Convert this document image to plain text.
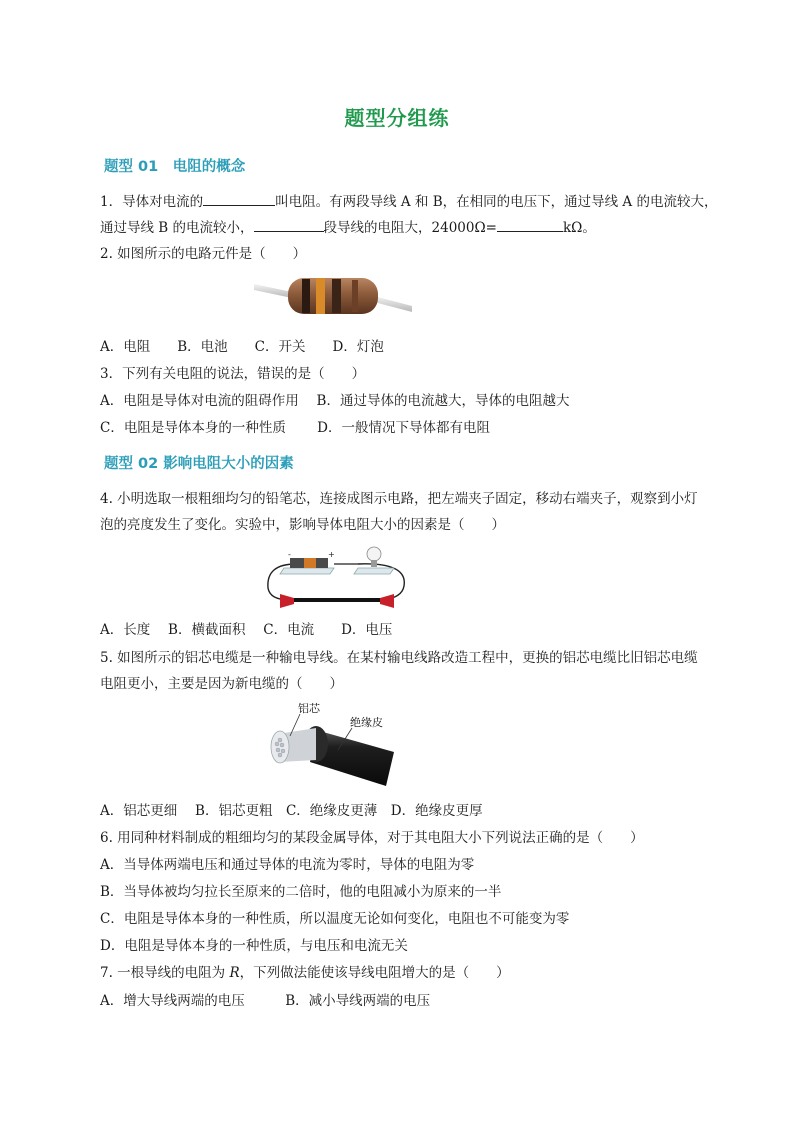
题型分组练
题型 01　电阻的概念
1．导体对电流的	叫电阻。有两段导线 A 和 B，在相同的电压下，通过导线 A 的电流较大，
通过导线 B 的电流较小，	段导线的电阻大，24000Ω=	kΩ。
2. 如图所示的电路元件是（　　）
A．电阻　　B．电池　　C．开关　　D．灯泡
3．下列有关电阻的说法，错误的是（　　）
A．电阻是导体对电流的阻碍作用　 B．通过导体的电流越大，导体的电阻越大
C．电阻是导体本身的一种性质　　 D．一般情况下导体都有电阻
题型 02 影响电阻大小的因素
4. 小明选取一根粗细均匀的铅笔芯，连接成图示电路，把左端夹子固定，移动右端夹子，观察到小灯
泡的亮度发生了变化。实验中，影响导体电阻大小的因素是（　　）
-	+
A．长度　 B．横截面积　 C．电流　　D．电压
5. 如图所示的铝芯电缆是一种输电导线。在某村输电线路改造工程中，更换的铝芯电缆比旧铝芯电缆
电阻更小，主要是因为新电缆的（　　）
铝芯
绝缘皮
A．铝芯更细　 B．铝芯更粗　C．绝缘皮更薄　D．绝缘皮更厚
6. 用同种材料制成的粗细均匀的某段金属导体，对于其电阻大小下列说法正确的是（　　）
A．当导体两端电压和通过导体的电流为零时，导体的电阻为零
B．当导体被均匀拉长至原来的二倍时，他的电阻减小为原来的一半
C．电阻是导体本身的一种性质，所以温度无论如何变化，电阻也不可能变为零
D．电阻是导体本身的一种性质，与电压和电流无关
7. 一根导线的电阻为 R，下列做法能使该导线电阻增大的是（　　）
A．增大导线两端的电压　　　B．减小导线两端的电压
